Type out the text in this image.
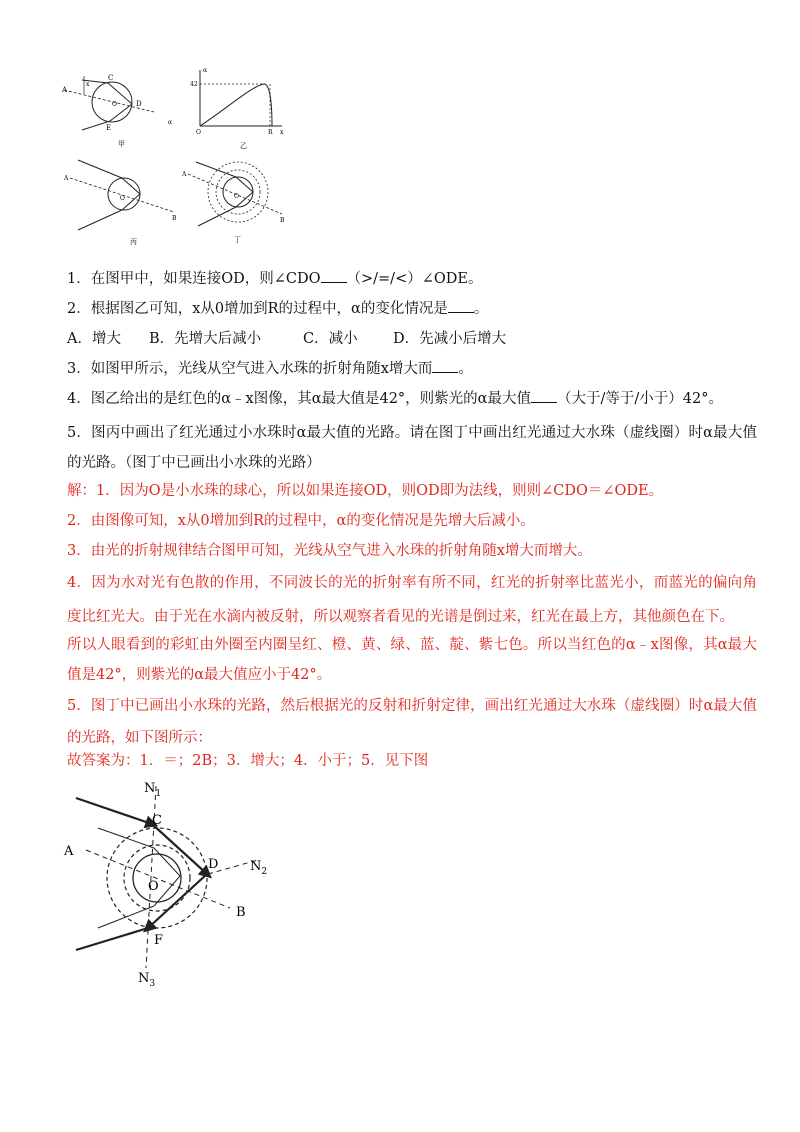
A
C
D
E
O
x
α
甲
α
42
O	R x
乙
A
O
B
丙
A
O
B
丁
1．在图甲中，如果连接OD，则∠CDO （>/=/<）∠ODE。
2．根据图乙可知，x从0增加到R的过程中，α的变化情况是 。
A．增大 B．先增大后减小	C．减小 D．先减小后增大
3．如图甲所示，光线从空气进入水珠的折射角随x增大而 。
4．图乙给出的是红色的α﹣x图像，其α最大值是42°，则紫光的α最大值 （大于/等于/小于）42°。
5．图丙中画出了红光通过小水珠时α最大值的光路。请在图丁中画出红光通过大水珠（虚线圈）时α最大值的光路。（图丁中已画出小水珠的光路）
解：1．因为O是小水珠的球心，所以如果连接OD，则OD即为法线，则则∠CDO＝∠ODE。
2．由图像可知，x从0增加到R的过程中，α的变化情况是先增大后减小。
3．由光的折射规律结合图甲可知，光线从空气进入水珠的折射角随x增大而增大。
4．因为水对光有色散的作用，不同波长的光的折射率有所不同，红光的折射率比蓝光小，而蓝光的偏向角度比红光大。由于光在水滴内被反射，所以观察者看见的光谱是倒过来，红光在最上方，其他颜色在下。
所以人眼看到的彩虹由外圈至内圈呈红、橙、黄、绿、蓝、靛、紫七色。所以当红色的α﹣x图像，其α最大值是42°，则紫光的α最大值应小于42°。
5．图丁中已画出小水珠的光路，然后根据光的反射和折射定律，画出红光通过大水珠（虚线圈）时α最大值的光路，如下图所示：
故答案为：1．＝；2B；3．增大；4．小于；5．见下图
$N_1$
C
A
D $N_2$
O
B
F
$N_3$
